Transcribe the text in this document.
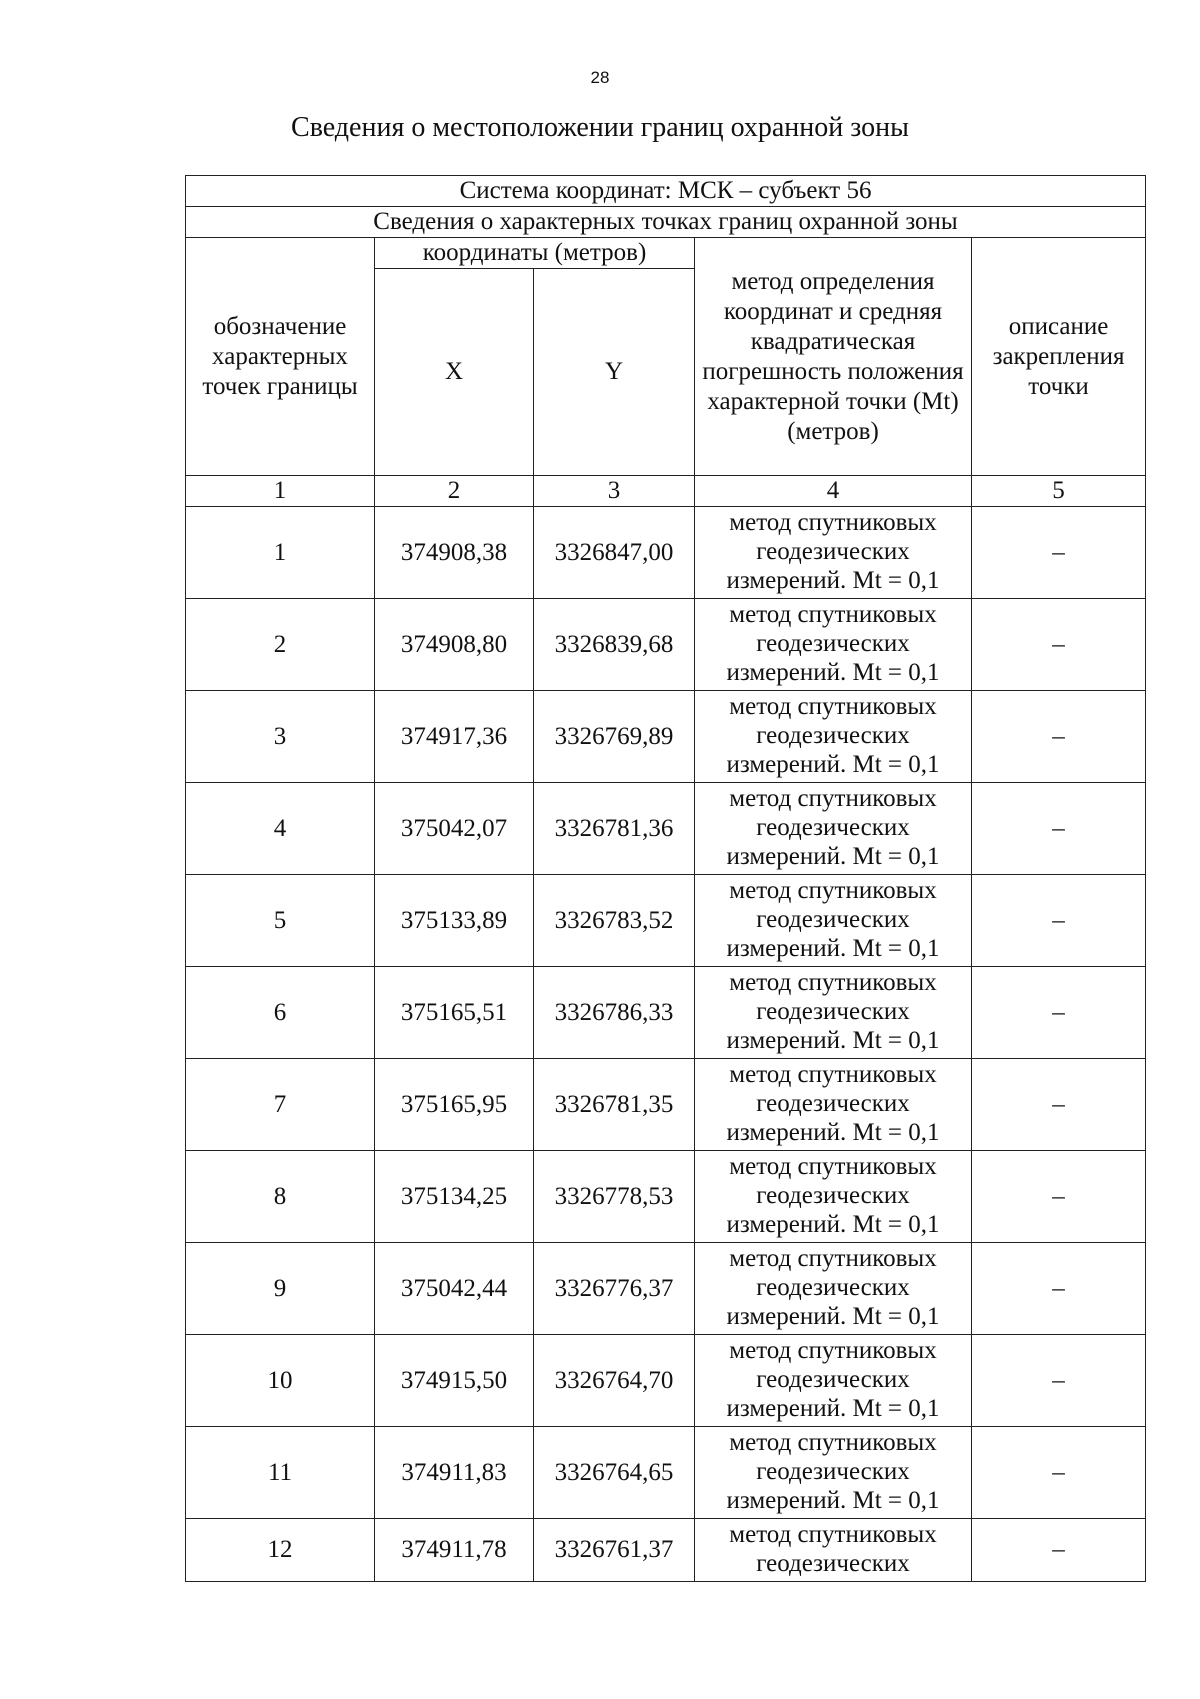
28
Сведения о местоположении границ охранной зоны
Система координат: МСК – субъект 56				
Сведения о характерных точках границ охранной зоны				
обозначение характерных точек границы	координаты (метров)		метод определения координат и средняя квадратическая погрешность положения характерной точки (Mt) (метров)	описание закрепления точки
	X	Y		
1	2	3	4	5
1	374908,38	3326847,00	метод спутниковых
геодезических
измерений. Mt = 0,1	–
2	374908,80	3326839,68	метод спутниковых
геодезических
измерений. Mt = 0,1	–
3	374917,36	3326769,89	метод спутниковых
геодезических
измерений. Mt = 0,1	–
4	375042,07	3326781,36	метод спутниковых
геодезических
измерений. Mt = 0,1	–
5	375133,89	3326783,52	метод спутниковых
геодезических
измерений. Mt = 0,1	–
6	375165,51	3326786,33	метод спутниковых
геодезических
измерений. Mt = 0,1	–
7	375165,95	3326781,35	метод спутниковых
геодезических
измерений. Mt = 0,1	–
8	375134,25	3326778,53	метод спутниковых
геодезических
измерений. Mt = 0,1	–
9	375042,44	3326776,37	метод спутниковых
геодезических
измерений. Mt = 0,1	–
10	374915,50	3326764,70	метод спутниковых
геодезических
измерений. Mt = 0,1	–
11	374911,83	3326764,65	метод спутниковых
геодезических
измерений. Mt = 0,1	–
12	374911,78	3326761,37	метод спутниковых
геодезических	–
